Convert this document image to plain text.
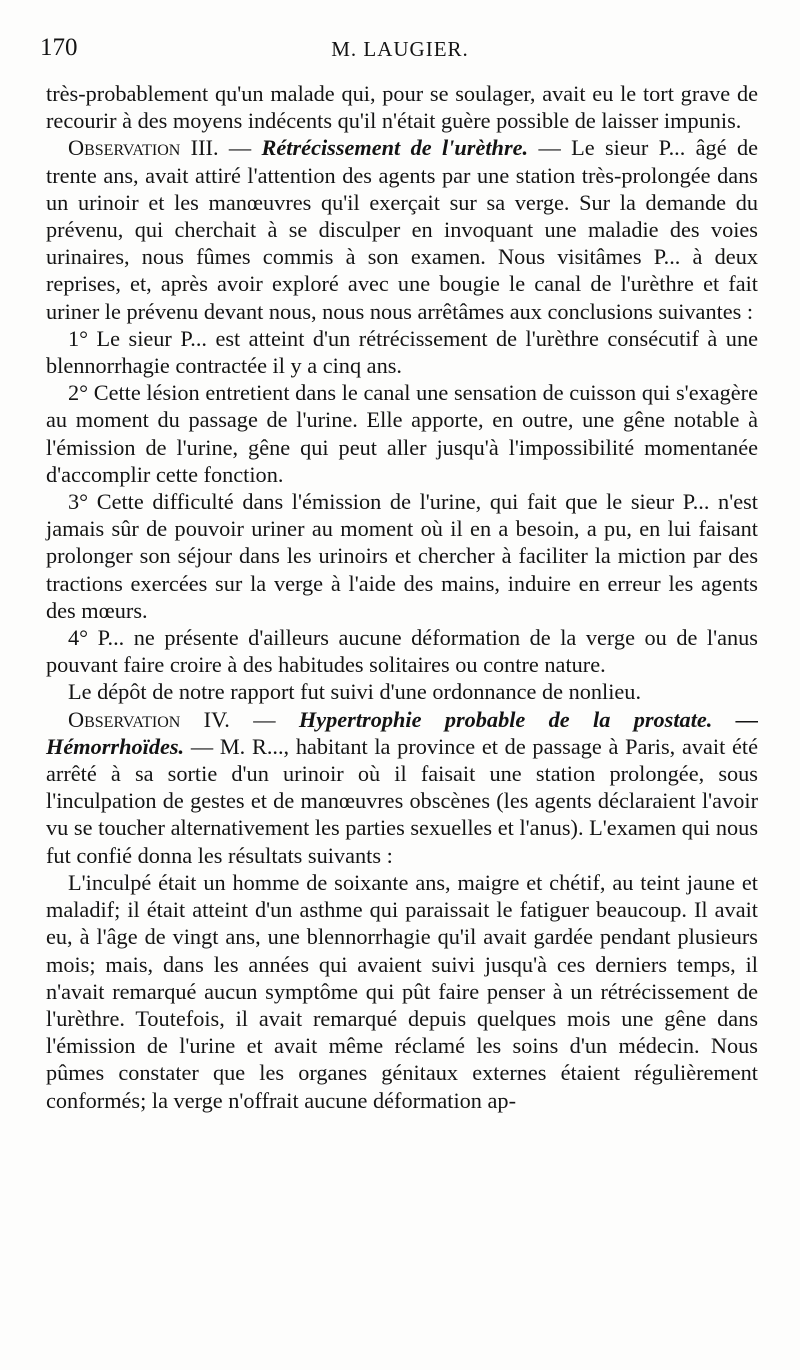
170	M. LAUGIER.

très-probablement qu'un malade qui, pour se soulager, avait eu le tort grave de recourir à des moyens indécents qu'il n'était guère possible de laisser impunis.

Observation III. — Rétrécissement de l'urèthre. — Le sieur P... âgé de trente ans, avait attiré l'attention des agents par une station très-prolongée dans un urinoir et les manœuvres qu'il exerçait sur sa verge. Sur la demande du prévenu, qui cherchait à se disculper en invoquant une maladie des voies urinaires, nous fûmes commis à son examen. Nous visitâmes P... à deux reprises, et, après avoir exploré avec une bougie le canal de l'urèthre et fait uriner le prévenu devant nous, nous nous arrêtâmes aux conclusions suivantes :

1° Le sieur P... est atteint d'un rétrécissement de l'urèthre consécutif à une blennorrhagie contractée il y a cinq ans.

2° Cette lésion entretient dans le canal une sensation de cuisson qui s'exagère au moment du passage de l'urine. Elle apporte, en outre, une gêne notable à l'émission de l'urine, gêne qui peut aller jusqu'à l'impossibilité momentanée d'accomplir cette fonction.

3° Cette difficulté dans l'émission de l'urine, qui fait que le sieur P... n'est jamais sûr de pouvoir uriner au moment où il en a besoin, a pu, en lui faisant prolonger son séjour dans les urinoirs et chercher à faciliter la miction par des tractions exercées sur la verge à l'aide des mains, induire en erreur les agents des mœurs.

4° P... ne présente d'ailleurs aucune déformation de la verge ou de l'anus pouvant faire croire à des habitudes solitaires ou contre nature.

Le dépôt de notre rapport fut suivi d'une ordonnance de nonlieu.

Observation IV. — Hypertrophie probable de la prostate. — Hémorrhoïdes. — M. R..., habitant la province et de passage à Paris, avait été arrêté à sa sortie d'un urinoir où il faisait une station prolongée, sous l'inculpation de gestes et de manœuvres obscènes (les agents déclaraient l'avoir vu se toucher alternativement les parties sexuelles et l'anus). L'examen qui nous fut confié donna les résultats suivants :

L'inculpé était un homme de soixante ans, maigre et chétif, au teint jaune et maladif; il était atteint d'un asthme qui paraissait le fatiguer beaucoup. Il avait eu, à l'âge de vingt ans, une blennorrhagie qu'il avait gardée pendant plusieurs mois; mais, dans les années qui avaient suivi jusqu'à ces derniers temps, il n'avait remarqué aucun symptôme qui pût faire penser à un rétrécissement de l'urèthre. Toutefois, il avait remarqué depuis quelques mois une gêne dans l'émission de l'urine et avait même réclamé les soins d'un médecin. Nous pûmes constater que les organes génitaux externes étaient régulièrement conformés; la verge n'offrait aucune déformation ap-
